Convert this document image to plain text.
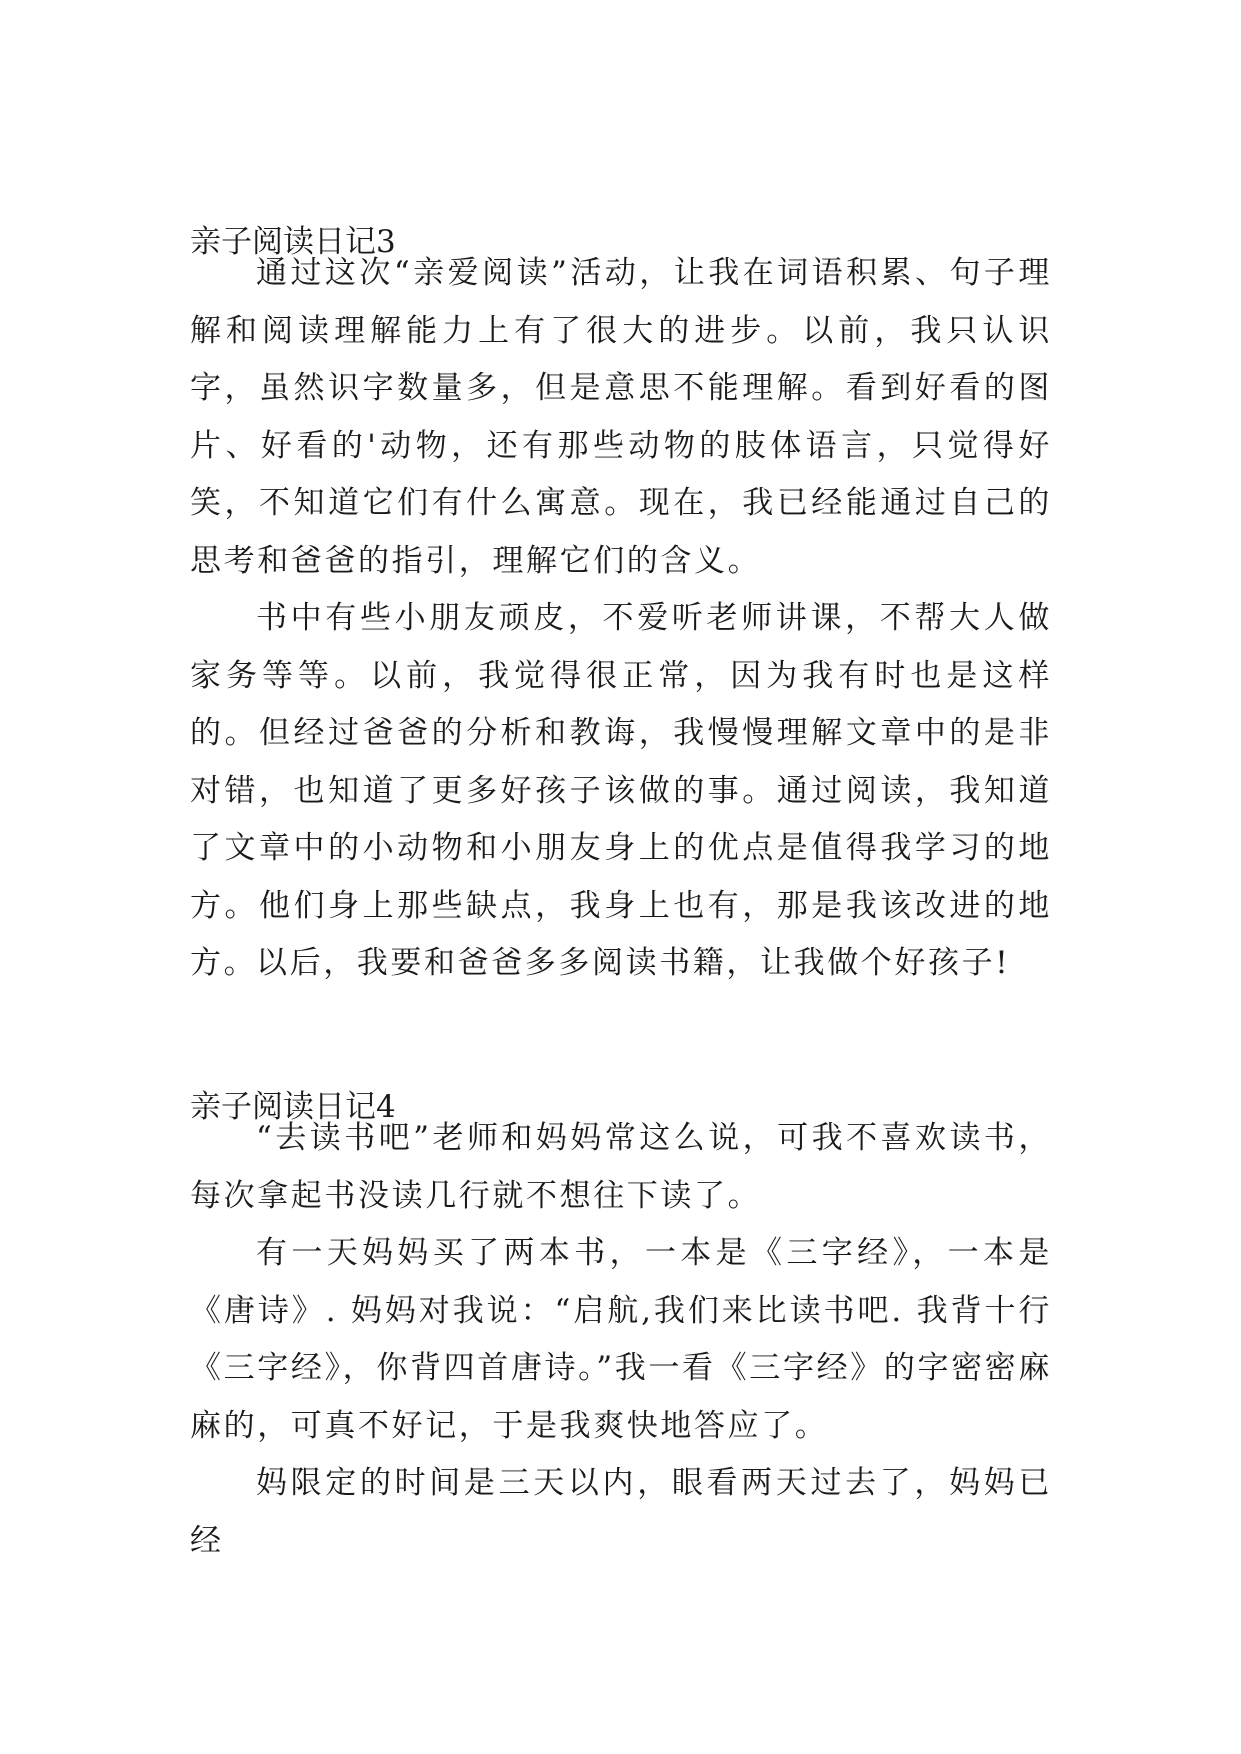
亲子阅读日记3

通过这次“亲爱阅读”活动，让我在词语积累、句子理解和阅读理解能力上有了很大的进步。以前，我只认识字，虽然识字数量多，但是意思不能理解。看到好看的图片、好看的'动物，还有那些动物的肢体语言，只觉得好笑，不知道它们有什么寓意。现在，我已经能通过自己的思考和爸爸的指引，理解它们的含义。

书中有些小朋友顽皮，不爱听老师讲课，不帮大人做家务等等。以前，我觉得很正常，因为我有时也是这样的。但经过爸爸的分析和教诲，我慢慢理解文章中的是非对错，也知道了更多好孩子该做的事。通过阅读，我知道了文章中的小动物和小朋友身上的优点是值得我学习的地方。他们身上那些缺点，我身上也有，那是我该改进的地方。

以后，我要和爸爸多多阅读书籍，让我做个好孩子!

亲子阅读日记4

“去读书吧”老师和妈妈常这么说，可我不喜欢读书，每次拿起书没读几行就不想往下读了。

有一天妈妈买了两本书，一本是《三字经》，一本是《唐诗》. 妈妈对我说：“启航,我们来比读书吧. 我背十行《三字经》，你背四首唐诗。”我一看《三字经》的字密密麻麻的，可真不好记，于是我爽快地答应了。

妈限定的时间是三天以内，眼看两天过去了，妈妈已经
